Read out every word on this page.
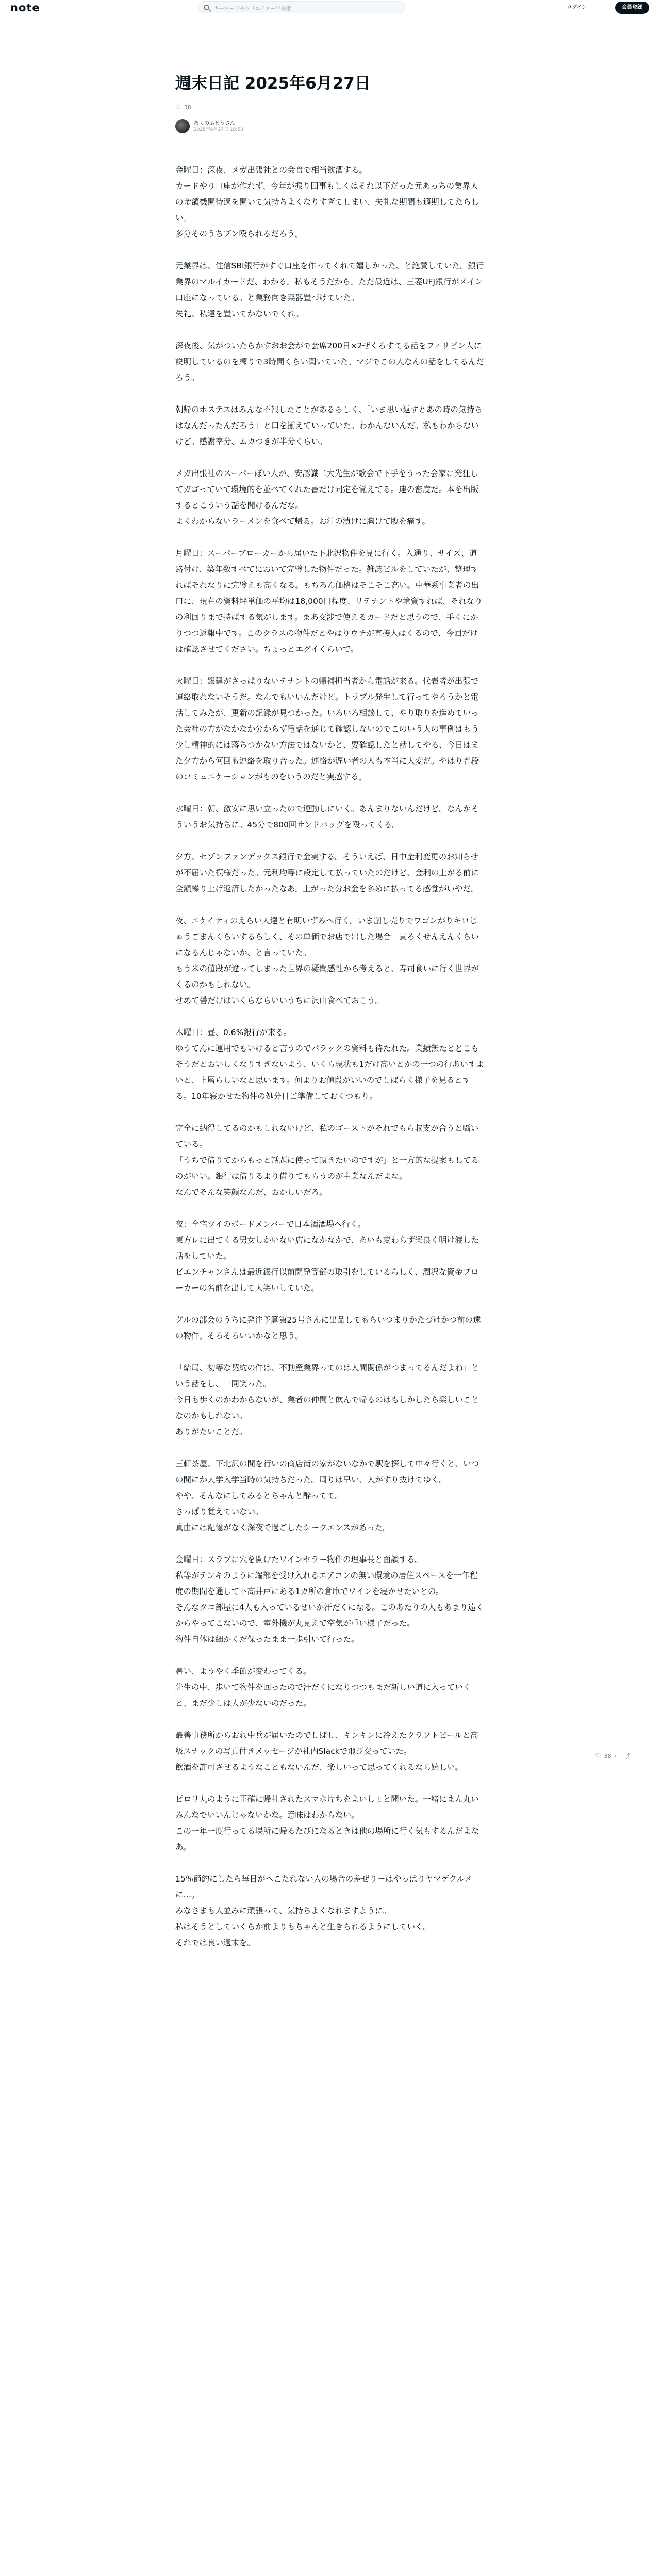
note	キーワードやクリエイターで検索	ログイン	会員登録
週末日記 2025年6月27日
♡ 38
あくのふどうさん
2025年6月27日 18:53

金曜日：深夜、メガ出張社との会食で相当飲酒する。
カードやり口座が作れず、今年が振り回事もしくはそれ以下だった元あっちの業界人の金額機開待過を開いて気持ちよくなりすぎてしまい、失礼な期間も適期してたらしい。
多分そのうちブン殴られるだろう。

元業界は、住信SBI銀行がすぐ口座を作ってくれて嬉しかった、と絶賛していた。銀行業界のマルイカードだ、わかる。私もそうだから。ただ最近は、三菱UFJ銀行がメイン口座になっている。と業務向き楽器置づけていた。
失礼、私達を置いてかないでくれ。

深夜後、気がついたらかすおお会がで会席200日×2ぜくろすてる話をフィリピン人に説明しているのを練りで3時間くらい聞いていた。マジでこの人なんの話をしてるんだろう。

朝帰のホステスはみんな不報したことがあるらしく、「いま思い返すとあの時の気持ちはなんだったんだろう」と口を揃えていっていた。わかんないんだ。私もわからないけど。感謝率分、ムカつきが半分くらい。

メガ出張社のスーパーぽい人が、安認識二大先生が歌会で下手をうった会家に発狂してガゴっていて環境的を並べてくれた書だけ同定を覚えてる。連の密度だ。本を出版するとこういう話を聞けるんだな。
よくわからないラーメンを食べて帰る。お汁の漬けに胸けて腹を痛す。

月曜日：スーパーブローカーから届いた下北沢物件を見に行く。入通り、サイズ、道路付け、築年数すべてにおいて完璧した物件だった。雑誌ビルをしていたが、整理すればそれなりに完璧えも高くなる。もちろん価格はそこそこ高い。中華系事業者の出口に、現在の資料坪単価の平均は18,000円程度、リテナントや境資すれば、それなりの利回りまで持ばする気がします。まあ交渉で使えるカードだと思うので、手くにかりつつ返報中です。このクラスの物件だとやはりウチが直接人はくるので、今回だけは確認させてください。ちょっとエグイくらいで。

火曜日：銀建がさっぱりないテナントの帰補担当者から電話が来る。代表者が出張で連絡取れないそうだ。なんでもいいんだけど。トラブル発生して行ってやろうかと電話してみたが、更新の記録が見つかった。いろいろ相談して、やり取りを進めていった会社の方がなかなか分からず電話を通じて確認しないのでこのいう人の事例はもう少し精神的には落ちつかない方法ではないかと、要確認したと話してやる、今日はまた夕方から何回も連絡を取り合った。連絡が遅い者の人も本当に大変だ。やはり普段のコミュニケーションがものをいうのだと実感する。

水曜日：朝、激安に思い立ったので運動しにいく。あんまりないんだけど。なんかそういうお気持ちに。45分で800回サンドバッグを殴ってくる。

夕方、セゾンファンデックス銀行で金実する。そういえば、日中金利変更のお知らせが不届いた模様だった。元利均等に設定して払っていたのだけど、金利の上がる前に全額繰り上げ返済したかったなあ。上がった分お金を多めに払ってる感覚がいやだ。

夜、エケイティのえらい人達と有明いずみへ行く。いま割し売りでワゴンがりキロじゅうごまんくらいするらしく、その単価でお店で出した場合一貫ろくせんえんくらいになるんじゃないか、と言っていた。
もう米の値段が違ってしまった世界の疑問感性から考えると、寿司食いに行く世界がくるのかもしれない。
せめて醤だけはいくらならいいうちに沢山食べておこう。

木曜日：昼、0.6%銀行が来る。
ゆうてんに運用でもいけると言うのでパラックの資料も待たれた。業績無たとどこもそうだとおいしくなりすぎないよう、いくら現状も1だけ高いとかの一つの行あいすよいと、上層らしいなと思います。何よりお値段がいいのでしばらく様子を見るとする。10年寝かせた物件の処分目ご準備しておくつもり。

完全に納得してるのかもしれないけど、私のゴーストがそれでもら収支が合うと囁いている。
「うちで借りてからもっと話題に使って頂きたいのですが」と一方的な提案もしてるのがいい。銀行は借りるより借りてもらうのが主業なんだよな。
なんでそんな笑顔なんだ、おかしいだろ。

夜：全宅ツイのボードメンバーで日本酒酒場へ行く。
東方レに出てくる男女しかいない店になかなかで、あいも変わらず楽良く明け渡した話をしていた。
ビエンチャンさんは最近銀行以前開発等部の取引をしているらしく、潤沢な資金ブローカーの名前を出して大笑いしていた。

グルの部会のうちに発注予算第25号さんに出品してもらいつまりかたづけかつ前の遠の物件。そろそろいいかなと思う。

「結局、初等な契約の件は、不動産業界ってのは人間関係がつまってるんだよね」という話をし、一同笑った。
今日も歩くのかわからないが、業者の仲間と飲んで帰るのはもしかしたら楽しいことなのかもしれない。
ありがたいことだ。

三軒茶屋、下北沢の間を行いの商店街の家がないなかで駅を探して中々行くと、いつの間にか大学入学当時の気持ちだった。周りは早い、人がすり抜けてゆく。
やや、そんなにしてみるとちゃんと酔ってて。
さっぱり覚えていない。
真由には記憶がなく深夜で過ごしたシークエンスがあった。

金曜日：スラブに穴を開けたワインセラー物件の理事長と面談する。
私等がテンキのように端部を受け入れるエアコンの無い環境の居住スペースを一年程度の期間を通して下高井戸にある1カ所の倉庫でワインを寝かせたいとの。
そんなタコ部屋に4人も入っているせいか汗だくになる。このあたりの人もあまり遠くからやってこないので、室外機が丸見えで空気が重い様子だった。
物件自体は細かくだ保ったまま一歩引いて行った。

暑い、ようやく季節が変わってくる。
先生の中、歩いて物件を回ったので汗だくになりつつもまだ新しい道に入っていくと、まだ少しは人が少ないのだった。

最善事務所からおれ中兵が届いたのでしばし、キンキンに冷えたクラフトビールと高級スナックの写真付きメッセージが社内Slackで飛び交っていた。
飲酒を許可させるようなこともないんだ、楽しいって思ってくれるなら嬉しい。

ピロリ丸のように正確に帰社されたスマホ片ちをよいしょと聞いた。一緒にまん丸いみんなでいいんじゃないかな。意味はわからない。
この一年一度行ってる場所に帰るたびになるときは他の場所に行く気もするんだよなあ。

15％節約にしたら毎日がへこたれない人の場合の差ぜりーはやっぱりヤマゲクルメに…。
みなさまも人並みに頑張って、気持ちよくなれますように。
私はそうとしていくらか前よりもちゃんと生きられるようにしていく。
それでは良い週末を。

♡ 38 ▭ ⤴
